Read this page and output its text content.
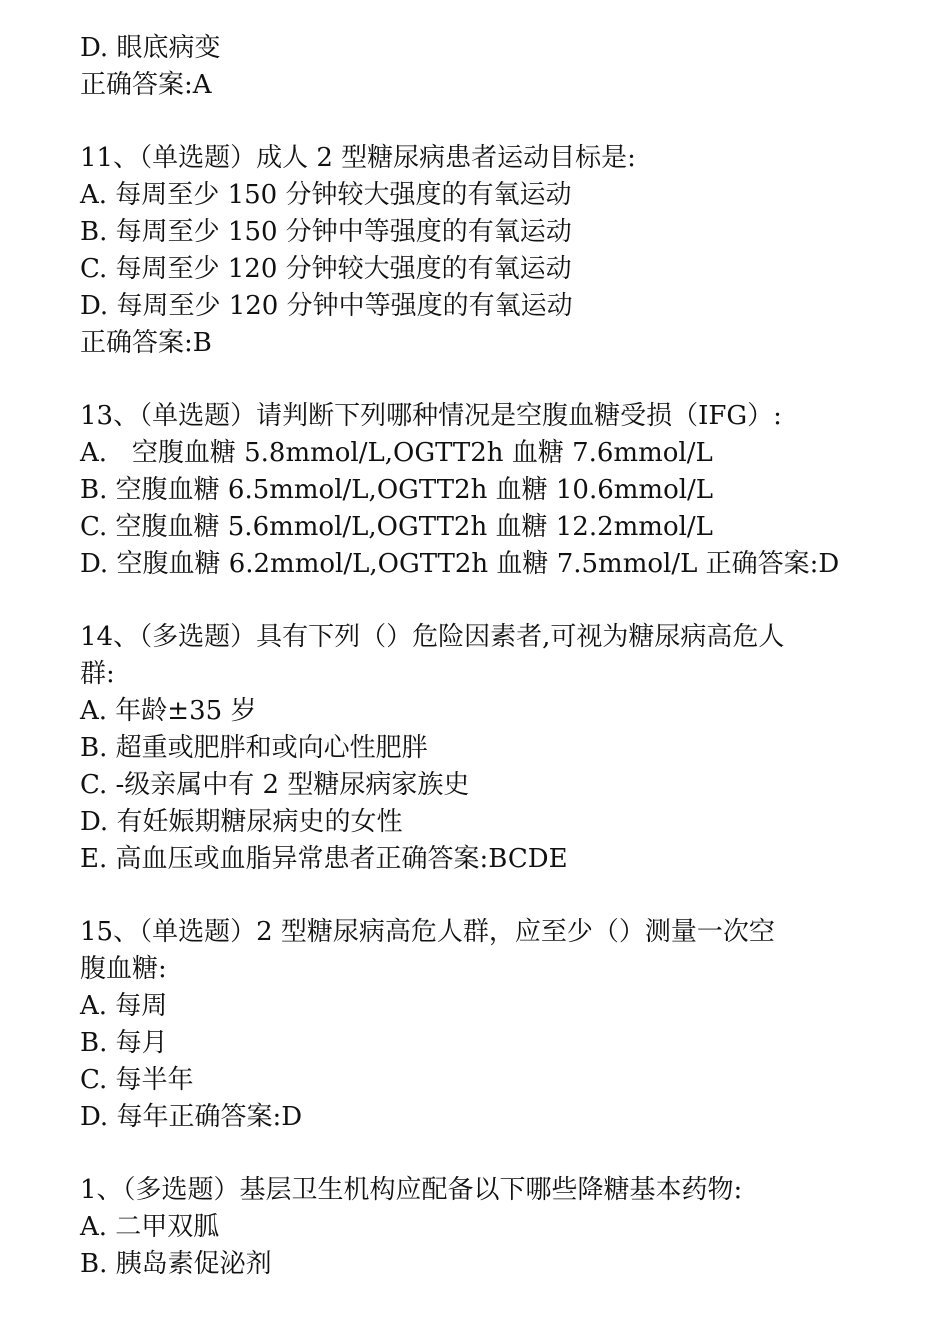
D. 眼底病变
正确答案:A
11、（单选题）成人 2 型糖尿病患者运动目标是:
A. 每周至少 150 分钟较大强度的有氧运动
B. 每周至少 150 分钟中等强度的有氧运动
C. 每周至少 120 分钟较大强度的有氧运动
D. 每周至少 120 分钟中等强度的有氧运动
正确答案:B
13、（单选题）请判断下列哪种情况是空腹血糖受损（IFG）:
A.   空腹血糖 5.8mmol/L,OGTT2h 血糖 7.6mmol/L
B. 空腹血糖 6.5mmol/L,OGTT2h 血糖 10.6mmol/L
C. 空腹血糖 5.6mmol/L,OGTT2h 血糖 12.2mmol/L
D. 空腹血糖 6.2mmol/L,OGTT2h 血糖 7.5mmol/L 正确答案:D
14、（多选题）具有下列（）危险因素者,可视为糖尿病高危人
群:
A. 年龄±35 岁
B. 超重或肥胖和或向心性肥胖
C. -级亲属中有 2 型糖尿病家族史
D. 有妊娠期糖尿病史的女性
E. 高血压或血脂异常患者正确答案:BCDE
15、（单选题）2 型糖尿病高危人群，应至少（）测量一次空
腹血糖:
A. 每周
B. 每月
C. 每半年
D. 每年正确答案:D
1、（多选题）基层卫生机构应配备以下哪些降糖基本药物:
A. 二甲双胍
B. 胰岛素促泌剂
